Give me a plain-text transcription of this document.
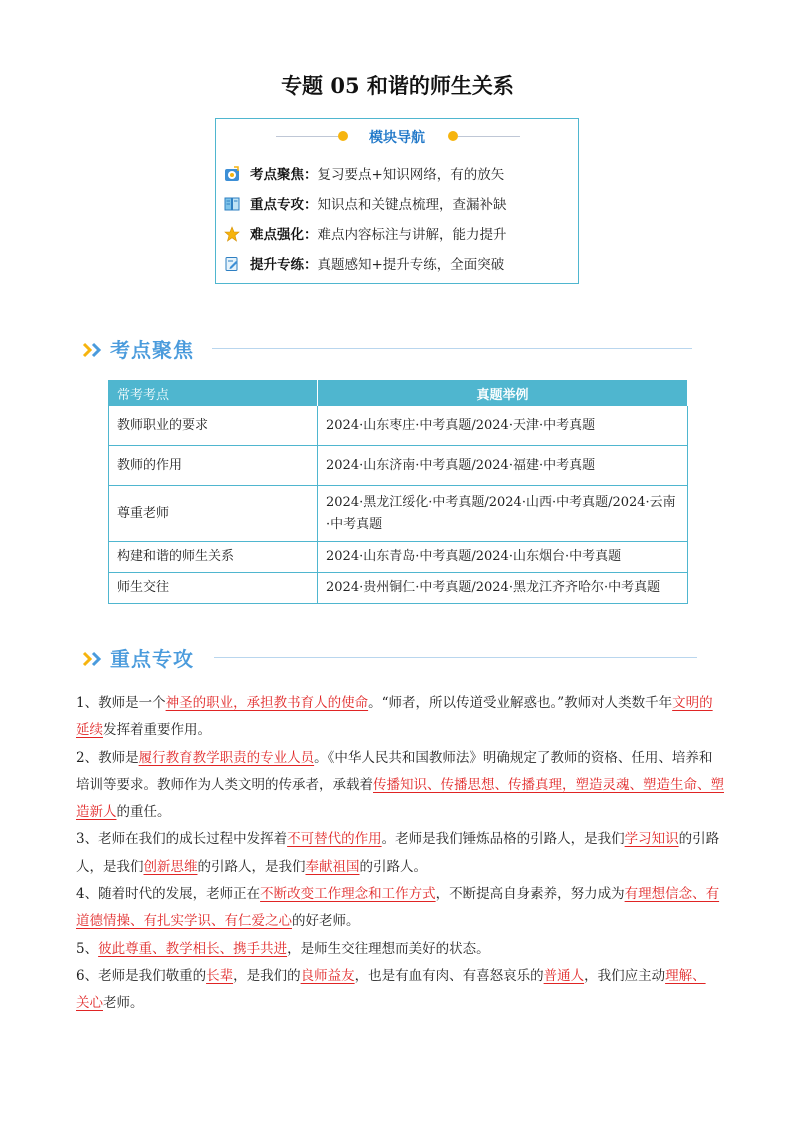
专题 05 和谐的师生关系
模块导航
考点聚焦：复习要点+知识网络，有的放矢
重点专攻：知识点和关键点梳理，查漏补缺
难点强化：难点内容标注与讲解，能力提升
提升专练：真题感知+提升专练，全面突破
考点聚焦
常考考点	真题举例
教师职业的要求	2024·山东枣庄·中考真题/2024·天津·中考真题
教师的作用	2024·山东济南·中考真题/2024·福建·中考真题
尊重老师	2024·黑龙江绥化·中考真题/2024·山西·中考真题/2024·云南·中考真题
构建和谐的师生关系	2024·山东青岛·中考真题/2024·山东烟台·中考真题
师生交往	2024·贵州铜仁·中考真题/2024·黑龙江齐齐哈尔·中考真题
重点专攻

1、教师是一个神圣的职业，承担教书育人的使命。“师者，所以传道受业解惑也。”教师对人类数千年文明的延续发挥着重要作用。

2、教师是履行教育教学职责的专业人员。《中华人民共和国教师法》明确规定了教师的资格、任用、培养和培训等要求。教师作为人类文明的传承者，承载着传播知识、传播思想、传播真理，塑造灵魂、塑造生命、塑造新人的重任。

3、老师在我们的成长过程中发挥着不可替代的作用。老师是我们锤炼品格的引路人，是我们学习知识的引路人，是我们创新思维的引路人，是我们奉献祖国的引路人。

4、随着时代的发展，老师正在不断改变工作理念和工作方式，不断提高自身素养，努力成为有理想信念、有道德情操、有扎实学识、有仁爱之心的好老师。

5、彼此尊重、教学相长、携手共进，是师生交往理想而美好的状态。

6、老师是我们敬重的长辈，是我们的良师益友，也是有血有肉、有喜怒哀乐的普通人，我们应主动理解、
关心老师。
